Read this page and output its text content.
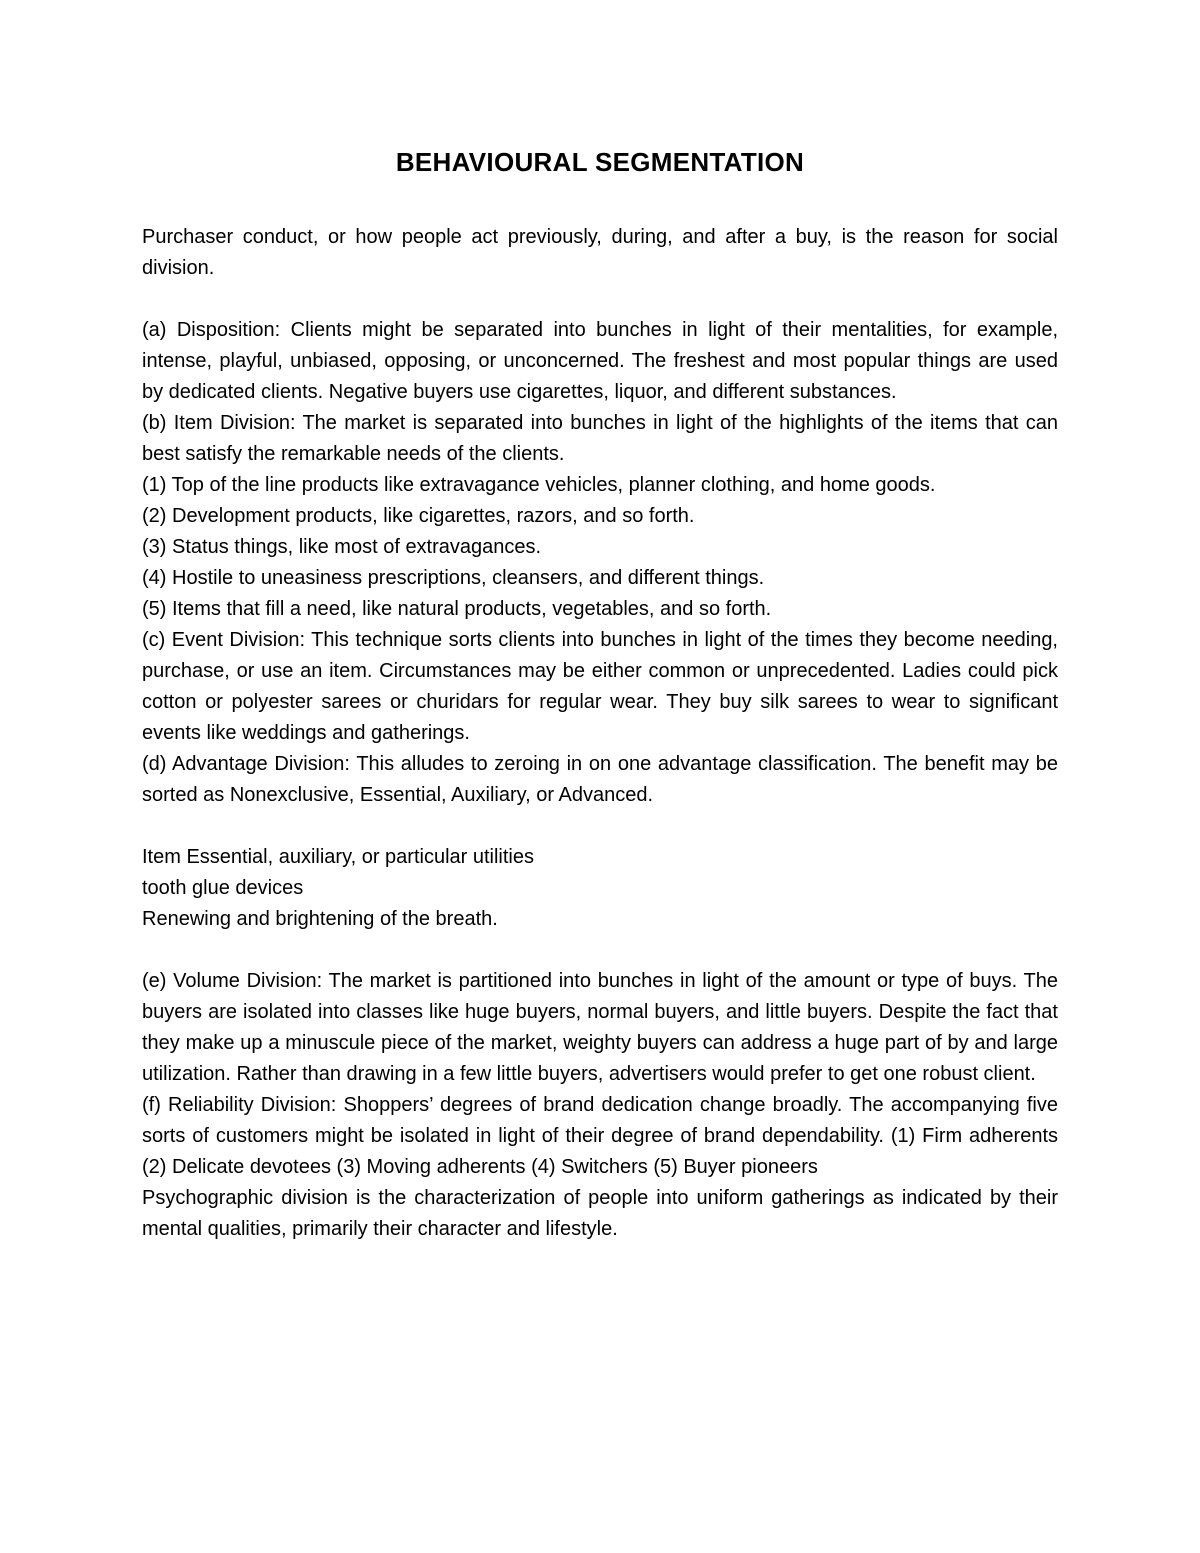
BEHAVIOURAL SEGMENTATION

Purchaser conduct, or how people act previously, during, and after a buy, is the reason for social division.

(a) Disposition: Clients might be separated into bunches in light of their mentalities, for example, intense, playful, unbiased, opposing, or unconcerned. The freshest and most popular things are used by dedicated clients. Negative buyers use cigarettes, liquor, and different substances.

(b) Item Division: The market is separated into bunches in light of the highlights of the items that can best satisfy the remarkable needs of the clients.

(1) Top of the line products like extravagance vehicles, planner clothing, and home goods.

(2) Development products, like cigarettes, razors, and so forth.

(3) Status things, like most of extravagances.

(4) Hostile to uneasiness prescriptions, cleansers, and different things.

(5) Items that fill a need, like natural products, vegetables, and so forth.

(c) Event Division: This technique sorts clients into bunches in light of the times they become needing, purchase, or use an item. Circumstances may be either common or unprecedented. Ladies could pick cotton or polyester sarees or churidars for regular wear. They buy silk sarees to wear to significant events like weddings and gatherings.

(d) Advantage Division: This alludes to zeroing in on one advantage classification. The benefit may be sorted as Nonexclusive, Essential, Auxiliary, or Advanced.

Item Essential, auxiliary, or particular utilities

tooth glue devices

Renewing and brightening of the breath.

(e) Volume Division: The market is partitioned into bunches in light of the amount or type of buys. The buyers are isolated into classes like huge buyers, normal buyers, and little buyers. Despite the fact that they make up a minuscule piece of the market, weighty buyers can address a huge part of by and large utilization. Rather than drawing in a few little buyers, advertisers would prefer to get one robust client.

(f) Reliability Division: Shoppers’ degrees of brand dedication change broadly. The accompanying five sorts of customers might be isolated in light of their degree of brand dependability. (1) Firm adherents (2) Delicate devotees (3) Moving adherents (4) Switchers (5) Buyer pioneers

Psychographic division is the characterization of people into uniform gatherings as indicated by their mental qualities, primarily their character and lifestyle.
